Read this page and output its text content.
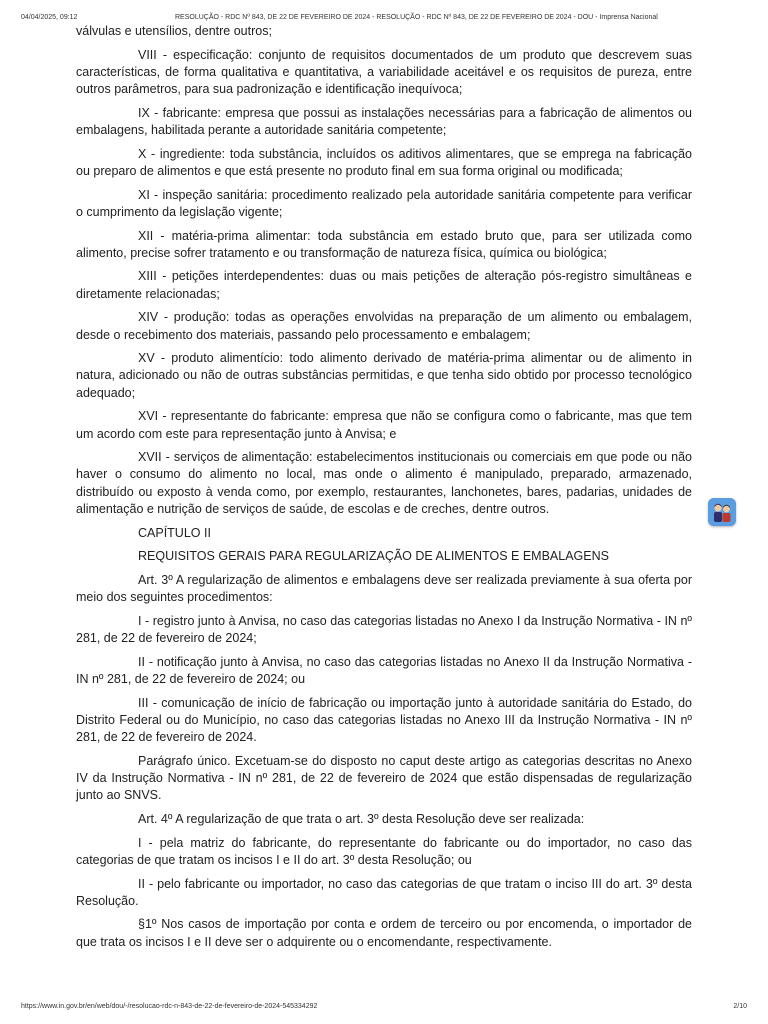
04/04/2025, 09:12	RESOLUÇÃO - RDC Nº 843, DE 22 DE FEVEREIRO DE 2024 - RESOLUÇÃO - RDC Nº 843, DE 22 DE FEVEREIRO DE 2024 - DOU - Imprensa Nacional

válvulas e utensílios, dentre outros;

VIII - especificação: conjunto de requisitos documentados de um produto que descrevem suas características, de forma qualitativa e quantitativa, a variabilidade aceitável e os requisitos de pureza, entre outros parâmetros, para sua padronização e identificação inequívoca;

IX - fabricante: empresa que possui as instalações necessárias para a fabricação de alimentos ou embalagens, habilitada perante a autoridade sanitária competente;

X - ingrediente: toda substância, incluídos os aditivos alimentares, que se emprega na fabricação ou preparo de alimentos e que está presente no produto final em sua forma original ou modificada;

XI - inspeção sanitária: procedimento realizado pela autoridade sanitária competente para verificar o cumprimento da legislação vigente;

XII - matéria-prima alimentar: toda substância em estado bruto que, para ser utilizada como alimento, precise sofrer tratamento e ou transformação de natureza física, química ou biológica;

XIII - petições interdependentes: duas ou mais petições de alteração pós-registro simultâneas e diretamente relacionadas;

XIV - produção: todas as operações envolvidas na preparação de um alimento ou embalagem, desde o recebimento dos materiais, passando pelo processamento e embalagem;

XV - produto alimentício: todo alimento derivado de matéria-prima alimentar ou de alimento in natura, adicionado ou não de outras substâncias permitidas, e que tenha sido obtido por processo tecnológico adequado;

XVI - representante do fabricante: empresa que não se configura como o fabricante, mas que tem um acordo com este para representação junto à Anvisa; e

XVII - serviços de alimentação: estabelecimentos institucionais ou comerciais em que pode ou não haver o consumo do alimento no local, mas onde o alimento é manipulado, preparado, armazenado, distribuído ou exposto à venda como, por exemplo, restaurantes, lanchonetes, bares, padarias, unidades de alimentação e nutrição de serviços de saúde, de escolas e de creches, dentre outros.

CAPÍTULO II

REQUISITOS GERAIS PARA REGULARIZAÇÃO DE ALIMENTOS E EMBALAGENS

Art. 3º A regularização de alimentos e embalagens deve ser realizada previamente à sua oferta por meio dos seguintes procedimentos:

I - registro junto à Anvisa, no caso das categorias listadas no Anexo I da Instrução Normativa - IN nº 281, de 22 de fevereiro de 2024;

II - notificação junto à Anvisa, no caso das categorias listadas no Anexo II da Instrução Normativa - IN nº 281, de 22 de fevereiro de 2024; ou

III - comunicação de início de fabricação ou importação junto à autoridade sanitária do Estado, do Distrito Federal ou do Município, no caso das categorias listadas no Anexo III da Instrução Normativa - IN nº 281, de 22 de fevereiro de 2024.

Parágrafo único. Excetuam-se do disposto no caput deste artigo as categorias descritas no Anexo IV da Instrução Normativa - IN nº 281, de 22 de fevereiro de 2024 que estão dispensadas de regularização junto ao SNVS.

Art. 4º A regularização de que trata o art. 3º desta Resolução deve ser realizada:

I - pela matriz do fabricante, do representante do fabricante ou do importador, no caso das categorias de que tratam os incisos I e II do art. 3º desta Resolução; ou

II - pelo fabricante ou importador, no caso das categorias de que tratam o inciso III do art. 3º desta Resolução.

§1º Nos casos de importação por conta e ordem de terceiro ou por encomenda, o importador de que trata os incisos I e II deve ser o adquirente ou o encomendante, respectivamente.

https://www.in.gov.br/en/web/dou/-/resolucao-rdc-n-843-de-22-de-fevereiro-de-2024-545334292	2/10
